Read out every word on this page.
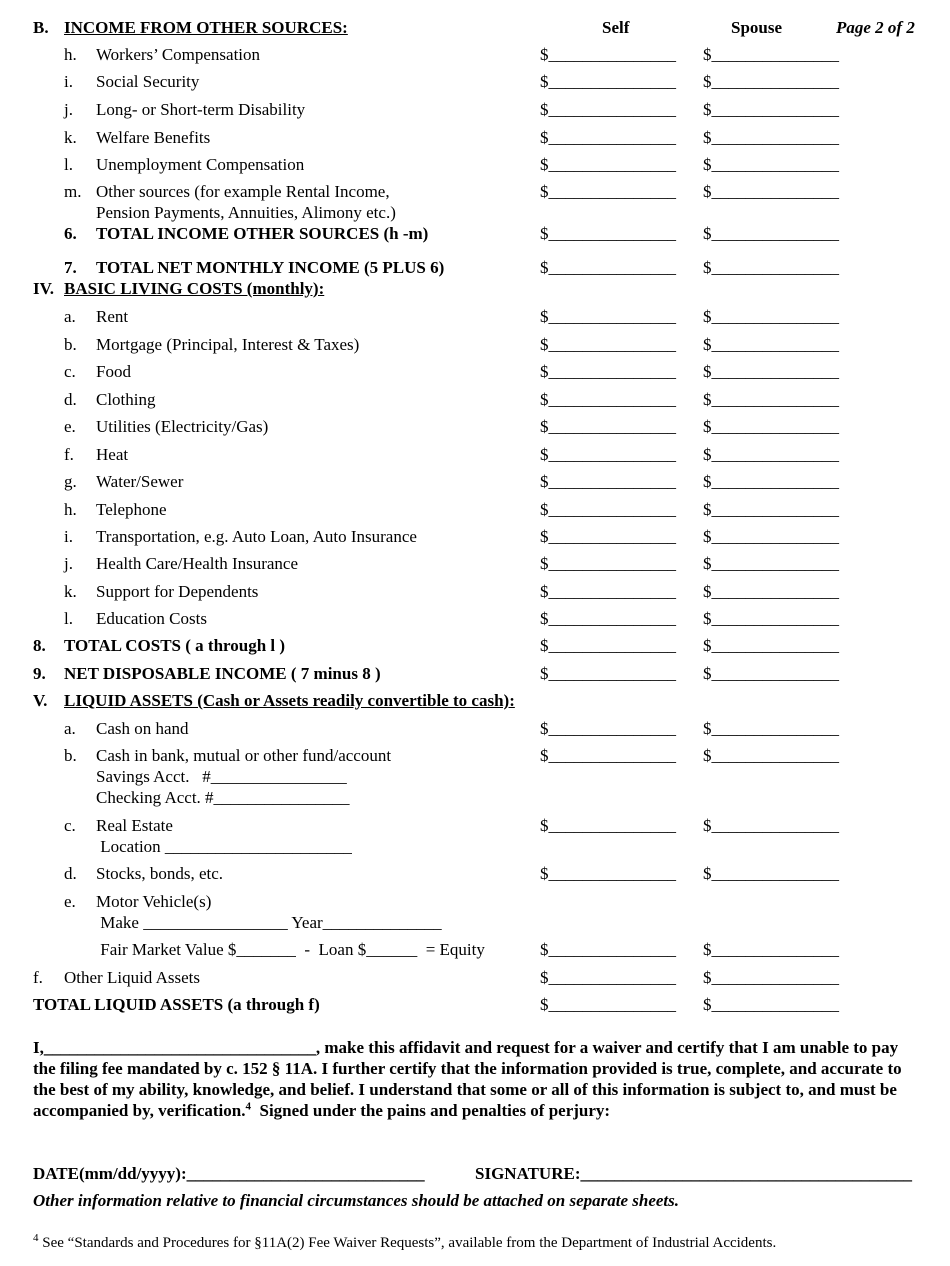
B. INCOME FROM OTHER SOURCES:	Self	Spouse	Page 2 of 2
h. Workers’ Compensation	$_______________ $_______________
i. Social Security	$_______________ $_______________
j. Long- or Short-term Disability	$_______________ $_______________
k. Welfare Benefits	$_______________ $_______________
l. Unemployment Compensation	$_______________ $_______________
m. Other sources (for example Rental Income,	$_______________ $_______________
Pension Payments, Annuities, Alimony etc.)
6. TOTAL INCOME OTHER SOURCES (h -m)	$_______________ $_______________
7. TOTAL NET MONTHLY INCOME (5 PLUS 6)	$_______________ $_______________
IV. BASIC LIVING COSTS (monthly):
a. Rent	$_______________ $_______________
b. Mortgage (Principal, Interest & Taxes)	$_______________ $_______________
c. Food	$_______________ $_______________
d. Clothing	$_______________ $_______________
e. Utilities (Electricity/Gas)	$_______________ $_______________
f. Heat	$_______________ $_______________
g. Water/Sewer	$_______________ $_______________
h. Telephone	$_______________ $_______________
i. Transportation, e.g. Auto Loan, Auto Insurance	$_______________ $_______________
j. Health Care/Health Insurance	$_______________ $_______________
k. Support for Dependents	$_______________ $_______________
l. Education Costs	$_______________ $_______________
8. TOTAL COSTS ( a through l )	$_______________ $_______________
9. NET DISPOSABLE INCOME ( 7 minus 8 )	$_______________ $_______________
V. LIQUID ASSETS (Cash or Assets readily convertible to cash):
a. Cash on hand	$_______________ $_______________
b. Cash in bank, mutual or other fund/account	$_______________ $_______________
Savings Acct.   #________________
Checking Acct. #________________
c. Real Estate	$_______________ $_______________
Location ______________________
d. Stocks, bonds, etc.	$_______________ $_______________
e. Motor Vehicle(s)
Make _________________ Year______________
Fair Market Value $_______  -  Loan $______  = Equity	$_______________ $_______________
f. Other Liquid Assets	$_______________ $_______________
TOTAL LIQUID ASSETS (a through f)	$_______________ $_______________
I,________________________________, make this affidavit and request for a waiver and certify that I am unable to pay the filing fee mandated by c. 152 § 11A. I further certify that the information provided is true, complete, and accurate to the best of my ability, knowledge, and belief. I understand that some or all of this information is subject to, and must be accompanied by, verification.$^4$  Signed under the pains and penalties of perjury:
DATE(mm/dd/yyyy):____________________________	SIGNATURE:_______________________________________
Other information relative to financial circumstances should be attached on separate sheets.
$^4$ See “Standards and Procedures for §11A(2) Fee Waiver Requests”, available from the Department of Industrial Accidents.
